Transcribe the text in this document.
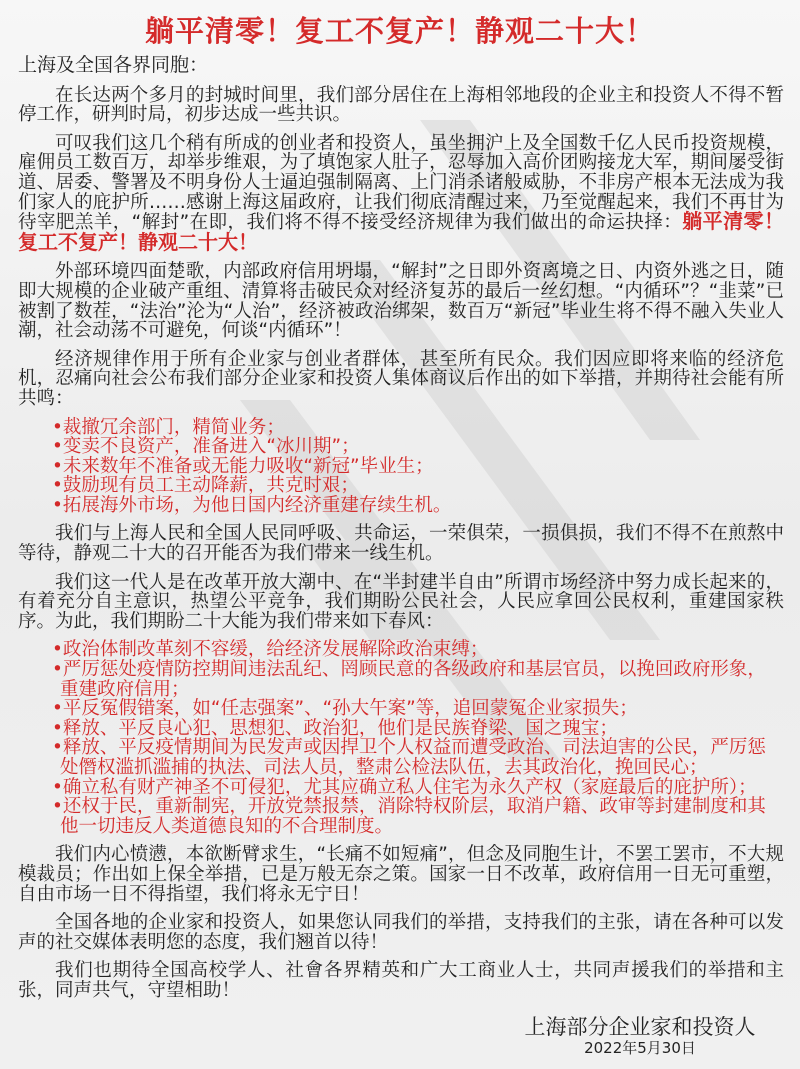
躺平清零！复工不复产！静观二十大！

上海及全国各界同胞：

在长达两个多月的封城时间里，我们部分居住在上海相邻地段的企业主和投资人不得不暂停工作，研判时局，初步达成一些共识。

可叹我们这几个稍有所成的创业者和投资人，虽坐拥沪上及全国数千亿人民币投资规模，雇佣员工数百万，却举步维艰，为了填饱家人肚子，忍辱加入高价团购接龙大军，期间屡受街道、居委、警署及不明身份人士逼迫强制隔离、上门消杀诸般威胁，不非房产根本无法成为我们家人的庇护所……感谢上海这届政府，让我们彻底清醒过来，乃至觉醒起来，我们不再甘为待宰肥羔羊，“解封”在即，我们将不得不接受经济规律为我们做出的命运抉择：躺平清零！复工不复产！静观二十大！

外部环境四面楚歌，内部政府信用坍塌，“解封”之日即外资离境之日、内资外逃之日，随即大规模的企业破产重组、清算将击破民众对经济复苏的最后一丝幻想。“内循环”？“韭菜”已被割了数茬，“法治”沦为“人治”，经济被政治绑架，数百万“新冠”毕业生将不得不融入失业人潮，社会动荡不可避免，何谈“内循环”！

经济规律作用于所有企业家与创业者群体，甚至所有民众。我们因应即将来临的经济危机，忍痛向社会公布我们部分企业家和投资人集体商议后作出的如下举措，并期待社会能有所共鸣：

• 裁撤冗余部门，精简业务；
• 变卖不良资产，准备进入“冰川期”；
• 未来数年不准备或无能力吸收“新冠”毕业生；
• 鼓励现有员工主动降薪，共克时艰；
• 拓展海外市场，为他日国内经济重建存续生机。

我们与上海人民和全国人民同呼吸、共命运，一荣俱荣，一损俱损，我们不得不在煎熬中等待，静观二十大的召开能否为我们带来一线生机。

我们这一代人是在改革开放大潮中、在“半封建半自由”所谓市场经济中努力成长起来的，有着充分自主意识，热望公平竞争，我们期盼公民社会，人民应拿回公民权利，重建国家秩序。为此，我们期盼二十大能为我们带来如下春风：

• 政治体制改革刻不容缓，给经济发展解除政治束缚；
• 严厉惩处疫情防控期间违法乱纪、罔顾民意的各级政府和基层官员，以挽回政府形象，重建政府信用；
• 平反冤假错案，如“任志强案”、“孙大午案”等，追回蒙冤企业家损失；
• 释放、平反良心犯、思想犯、政治犯，他们是民族脊梁、国之瑰宝；
• 释放、平反疫情期间为民发声或因捍卫个人权益而遭受政治、司法迫害的公民，严厉惩处僭权滥抓滥捕的执法、司法人员，整肃公检法队伍，去其政治化，挽回民心；
• 确立私有财产神圣不可侵犯，尤其应确立私人住宅为永久产权（家庭最后的庇护所）；
• 还权于民，重新制宪，开放党禁报禁，消除特权阶层，取消户籍、政审等封建制度和其他一切违反人类道德良知的不合理制度。

我们内心愤懑，本欲断臂求生，“长痛不如短痛”，但念及同胞生计，不罢工罢市，不大规模裁员；作出如上保全举措，已是万般无奈之策。国家一日不改革，政府信用一日无可重塑，自由市场一日不得指望，我们将永无宁日！

全国各地的企业家和投资人，如果您认同我们的举措，支持我们的主张，请在各种可以发声的社交媒体表明您的态度，我们翘首以待！

我们也期待全国高校学人、社會各界精英和广大工商业人士，共同声援我们的举措和主张，同声共气，守望相助！

上海部分企业家和投资人
2022年5月30日
